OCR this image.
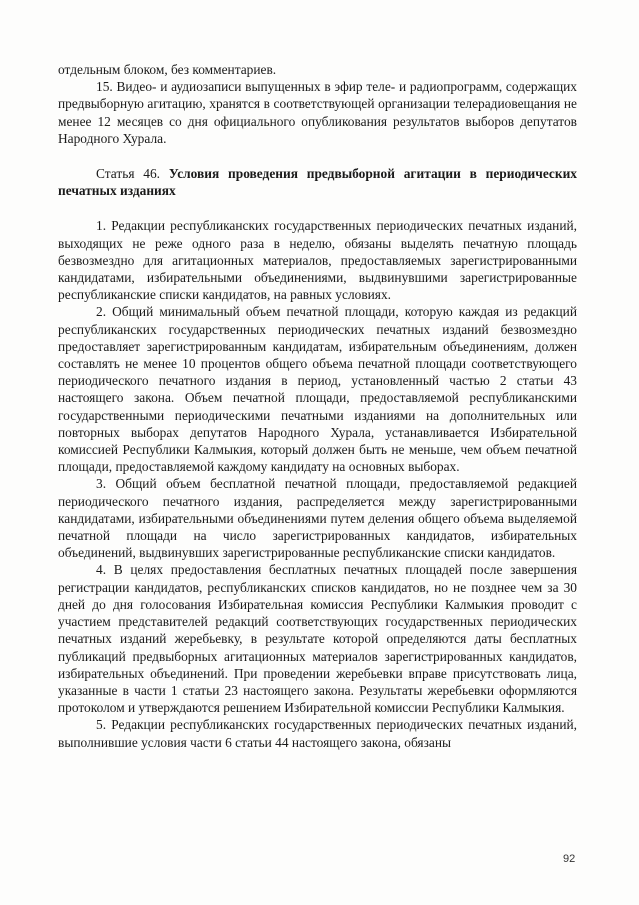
отдельным блоком, без комментариев.

15. Видео- и аудиозаписи выпущенных в эфир теле- и радиопрограмм, содержащих предвыборную агитацию, хранятся в соответствующей организации телерадиовещания не менее 12 месяцев со дня официального опубликования результатов выборов депутатов Народного Хурала.

Статья 46. Условия проведения предвыборной агитации в периодических печатных изданиях

1. Редакции республиканских государственных периодических печатных изданий, выходящих не реже одного раза в неделю, обязаны выделять печатную площадь безвозмездно для агитационных материалов, предоставляемых зарегистрированными кандидатами, избирательными объединениями, выдвинувшими зарегистрированные республиканские списки кандидатов, на равных условиях.

2. Общий минимальный объем печатной площади, которую каждая из редакций республиканских государственных периодических печатных изданий безвозмездно предоставляет зарегистрированным кандидатам, избирательным объединениям, должен составлять не менее 10 процентов общего объема печатной площади соответствующего периодического печатного издания в период, установленный частью 2 статьи 43 настоящего закона. Объем печатной площади, предоставляемой республиканскими государственными периодическими печатными изданиями на дополнительных или повторных выборах депутатов Народного Хурала, устанавливается Избирательной комиссией Республики Калмыкия, который должен быть не меньше, чем объем печатной площади, предоставляемой каждому кандидату на основных выборах.

3. Общий объем бесплатной печатной площади, предоставляемой редакцией периодического печатного издания, распределяется между зарегистрированными кандидатами, избирательными объединениями путем деления общего объема выделяемой печатной площади на число зарегистрированных кандидатов, избирательных объединений, выдвинувших зарегистрированные республиканские списки кандидатов.

4. В целях предоставления бесплатных печатных площадей после завершения регистрации кандидатов, республиканских списков кандидатов, но не позднее чем за 30 дней до дня голосования Избирательная комиссия Республики Калмыкия проводит с участием представителей редакций соответствующих государственных периодических печатных изданий жеребьевку, в результате которой определяются даты бесплатных публикаций предвыборных агитационных материалов зарегистрированных кандидатов, избирательных объединений. При проведении жеребьевки вправе присутствовать лица, указанные в части 1 статьи 23 настоящего закона. Результаты жеребьевки оформляются протоколом и утверждаются решением Избирательной комиссии Республики Калмыкия.

5. Редакции республиканских государственных периодических печатных изданий, выполнившие условия части 6 статьи 44 настоящего закона, обязаны

92
